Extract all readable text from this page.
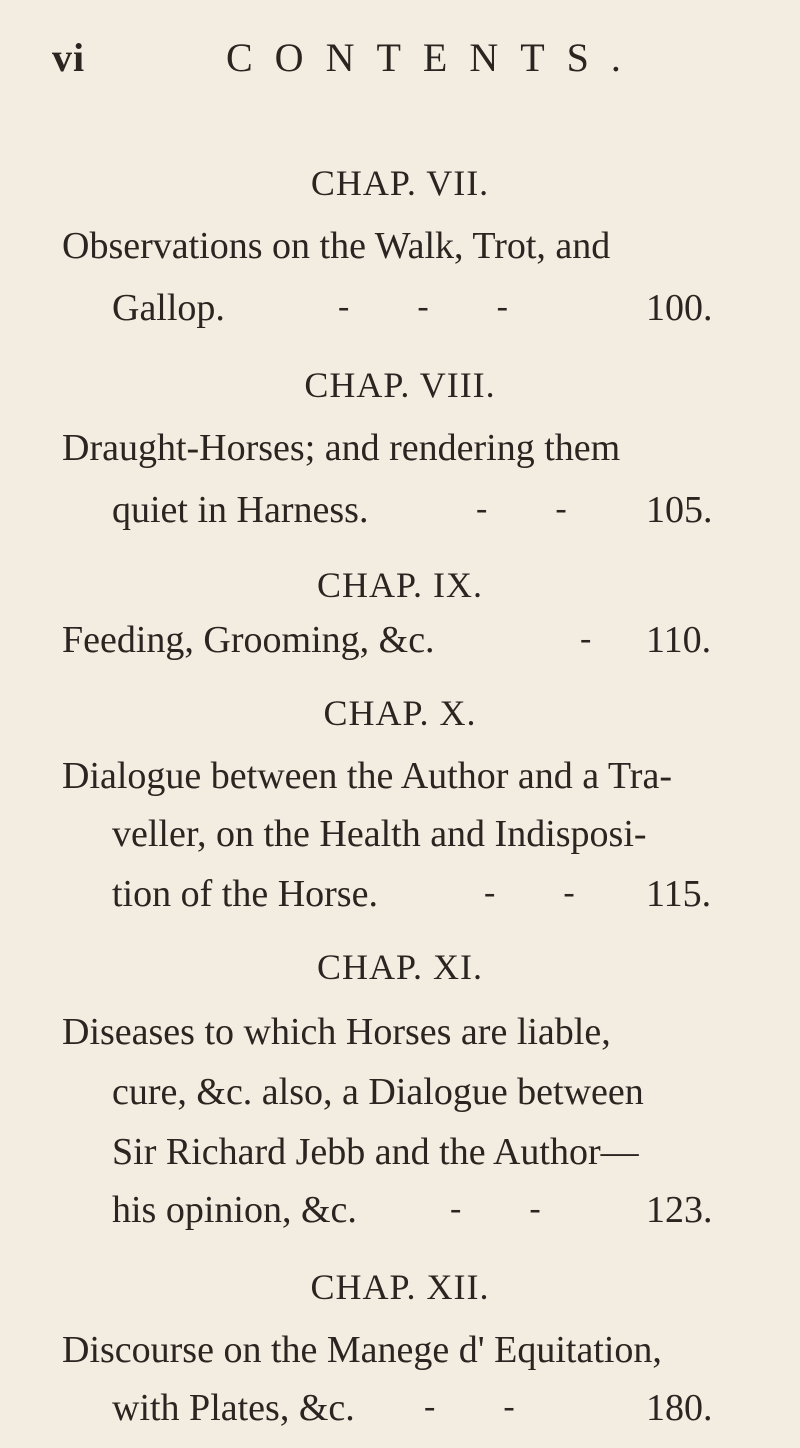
vi	CONTENTS.
CHAP. VII.
Observations on the Walk, Trot, and
Gallop.	-        -        -	100.
CHAP. VIII.
Draught-Horses; and rendering them
quiet in Harness.	-        - 105.
CHAP. IX.
Feeding, Grooming, &c.	- 110.
CHAP. X.
Dialogue between the Author and a Tra-
veller, on the Health and Indisposi-
tion of the Horse.	-        - 115.
CHAP. XI.
Diseases to which Horses are liable,
cure, &c. also, a Dialogue between
Sir Richard Jebb and the Author—
his opinion, &c.	-        -	123.
CHAP. XII.
Discourse on the Manege d' Equitation,
with Plates, &c. -        -	180.
